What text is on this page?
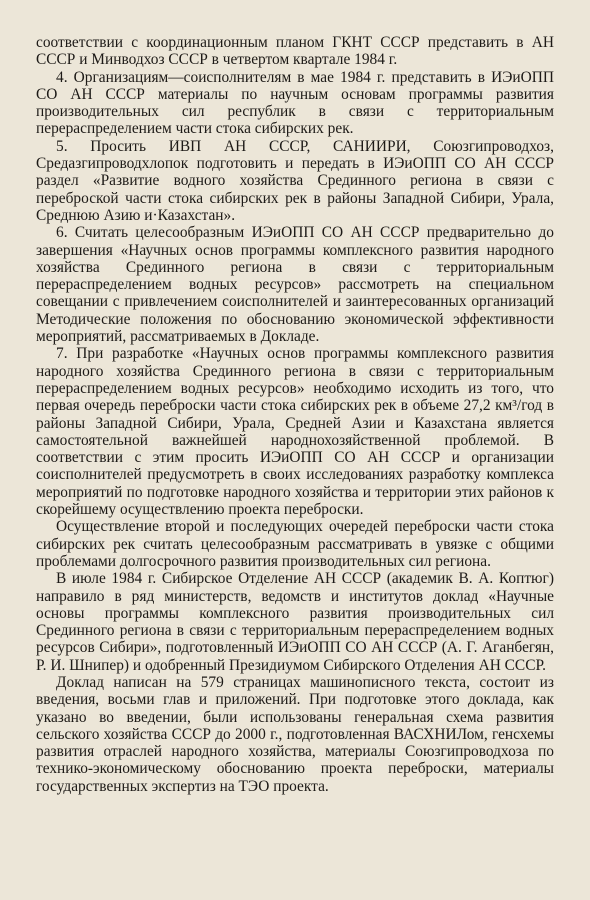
соответствии с координационным планом ГКНТ СССР представить в АН СССР и Минводхоз СССР в четвертом квартале 1984 г.

4. Организациям—соисполнителям в мае 1984 г. представить в ИЭиОПП СО АН СССР материалы по научным основам программы развития производительных сил республик в связи с территориальным перераспределением части стока сибирских рек.

5. Просить ИВП АН СССР, САНИИРИ, Союзгипроводхоз, Средазгипроводхлопок подготовить и передать в ИЭиОПП СО АН СССР раздел «Развитие водного хозяйства Срединного региона в связи с переброской части стока сибирских рек в районы Западной Сибири, Урала, Среднюю Азию и·Казахстан».

6. Считать целесообразным ИЭиОПП СО АН СССР предварительно до завершения «Научных основ программы комплексного развития народного хозяйства Срединного региона в связи с территориальным перераспределением водных ресурсов» рассмотреть на специальном совещании с привлечением соисполнителей и заинтересованных организаций Методические положения по обоснованию экономической эффективности мероприятий, рассматриваемых в Докладе.

7. При разработке «Научных основ программы комплексного развития народного хозяйства Срединного региона в связи с территориальным перераспределением водных ресурсов» необходимо исходить из того, что первая очередь переброски части стока сибирских рек в объеме 27,2 км³/год в районы Западной Сибири, Урала, Средней Азии и Казахстана является самостоятельной важнейшей народнохозяйственной проблемой. В соответствии с этим просить ИЭиОПП СО АН СССР и организации соисполнителей предусмотреть в своих исследованиях разработку комплекса мероприятий по подготовке народного хозяйства и территории этих районов к скорейшему осуществлению проекта переброски.

Осуществление второй и последующих очередей переброски части стока сибирских рек считать целесообразным рассматривать в увязке с общими проблемами долгосрочного развития производительных сил региона.

В июле 1984 г. Сибирское Отделение АН СССР (академик В. А. Коптюг) направило в ряд министерств, ведомств и институтов доклад «Научные основы программы комплексного развития производительных сил Срединного региона в связи с территориальным перераспределением водных ресурсов Сибири», подготовленный ИЭиОПП СО АН СССР (А. Г. Аганбегян, Р. И. Шнипер) и одобренный Президиумом Сибирского Отделения АН СССР.

Доклад написан на 579 страницах машинописного текста, состоит из введения, восьми глав и приложений. При подготовке этого доклада, как указано во введении, были использованы генеральная схема развития сельского хозяйства СССР до 2000 г., подготовленная ВАСХНИЛом, генсхемы развития отраслей народного хозяйства, материалы Союзгипроводхоза по технико-экономическому обоснованию проекта переброски, материалы государственных экспертиз на ТЭО проекта.
